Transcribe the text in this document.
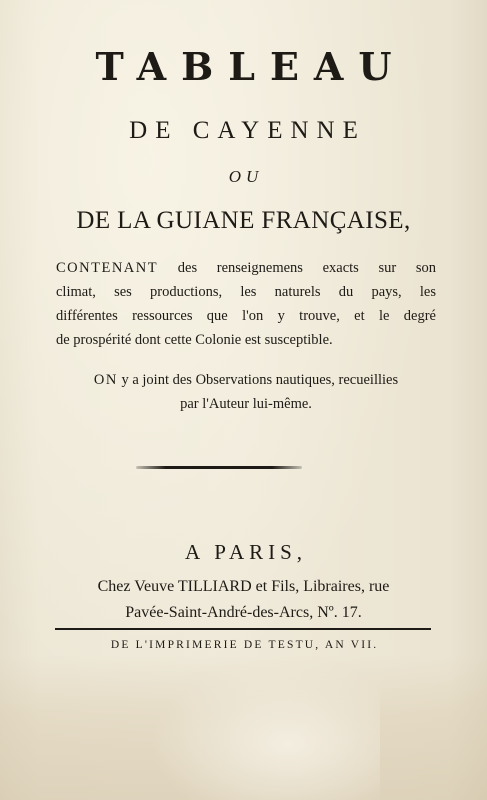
TABLEAU
DE CAYENNE
OU
DE LA GUIANE FRANÇAISE,

CONTENANT des renseignemens exacts sur son

climat, ses productions, les naturels du pays, les

différentes ressources que l'on y trouve, et le degré

de prospérité dont cette Colonie est susceptible.

ON y a joint des Observations nautiques, recueillies

par l'Auteur lui-même.

A PARIS,
Chez Veuve TILLIARD et Fils, Libraires, rue
Pavée-Saint-André-des-Arcs, Nº. 17.
DE L'IMPRIMERIE DE TESTU, AN VII.
